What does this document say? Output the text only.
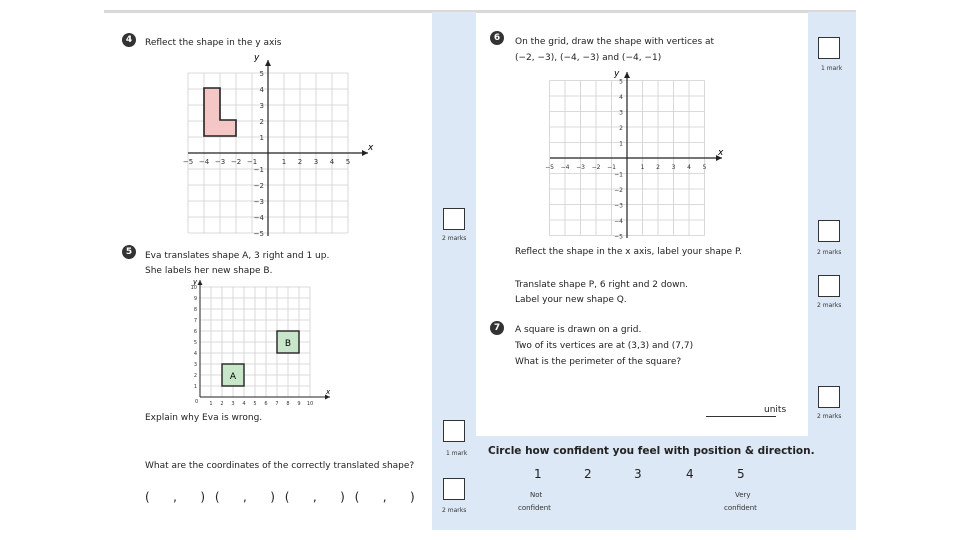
4	Reflect the shape in the y axis
−5 −4 −3 −2 −1	1 2 3 4 5
5
4
3
2
1
−1
−2
−3
−4
−5
x
y
2 marks
5	Eva translates shape A, 3 right and 1 up.
She labels her new shape B.
A
B
1 2 3 4 5 6 7 8 9 10
1
2
3
4
5
6
7
8
9
10
0
x
y
Explain why Eva is wrong.
1 mark
What are the coordinates of the correctly translated shape?
(   ,   ) (   ,   ) (   ,   ) (   ,   )
2 marks
6	On the grid, draw the shape with vertices at
(−2, −3), (−4, −3) and (−4, −1)
−5 −4 −3 −2 −1	1 2 3 4 5
5
4
3
2
1
−1
−2
−3
−4
−5
x
y
1 mark
Reflect the shape in the x axis, label your shape P.	2 marks
Translate shape P, 6 right and 2 down.
Label your new shape Q.
2 marks
7	A square is drawn on a grid.
Two of its vertices are at (3,3) and (7,7)
What is the perimeter of the square?
units
2 marks
Circle how confident you feel with position & direction.
1	2	3	4	5
Not
confident
Very
confident
